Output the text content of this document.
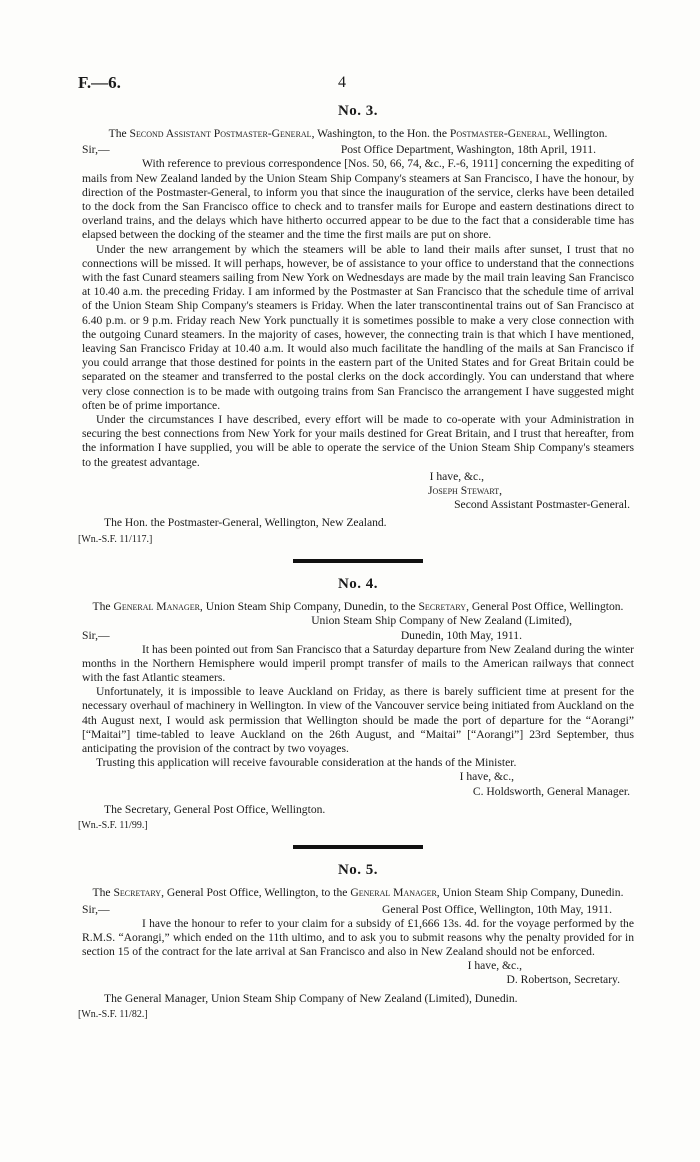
F.—6.	4
No. 3.

The Second Assistant Postmaster-General, Washington, to the Hon. the Postmaster-General, Wellington.

Sir,—	Post Office Department, Washington, 18th April, 1911.

With reference to previous correspondence [Nos. 50, 66, 74, &c., F.-6, 1911] concerning the expediting of mails from New Zealand landed by the Union Steam Ship Company's steamers at San Francisco, I have the honour, by direction of the Postmaster-General, to inform you that since the inauguration of the service, clerks have been detailed to the dock from the San Francisco office to check and to transfer mails for Europe and eastern destinations direct to overland trains, and the delays which have hitherto occurred appear to be due to the fact that a considerable time has elapsed between the docking of the steamer and the time the first mails are put on shore.

Under the new arrangement by which the steamers will be able to land their mails after sunset, I trust that no connections will be missed. It will perhaps, however, be of assistance to your office to understand that the connections with the fast Cunard steamers sailing from New York on Wednesdays are made by the mail train leaving San Francisco at 10.40 a.m. the preceding Friday. I am informed by the Postmaster at San Francisco that the schedule time of arrival of the Union Steam Ship Company's steamers is Friday. When the later transcontinental trains out of San Francisco at 6.40 p.m. or 9 p.m. Friday reach New York punctually it is sometimes possible to make a very close connection with the outgoing Cunard steamers. In the majority of cases, however, the connecting train is that which I have mentioned, leaving San Francisco Friday at 10.40 a.m. It would also much facilitate the handling of the mails at San Francisco if you could arrange that those destined for points in the eastern part of the United States and for Great Britain could be separated on the steamer and transferred to the postal clerks on the dock accordingly. You can understand that where very close connection is to be made with outgoing trains from San Francisco the arrangement I have suggested might often be of prime importance.

Under the circumstances I have described, every effort will be made to co-operate with your Administration in securing the best connections from New York for your mails destined for Great Britain, and I trust that hereafter, from the information I have supplied, you will be able to operate the service of the Union Steam Ship Company's steamers to the greatest advantage.

I have, &c.,
Joseph Stewart,
Second Assistant Postmaster-General.
The Hon. the Postmaster-General, Wellington, New Zealand.
[Wn.-S.F. 11/117.]
No. 4.

The General Manager, Union Steam Ship Company, Dunedin, to the Secretary, General Post Office, Wellington.

Union Steam Ship Company of New Zealand (Limited),
Sir,—	Dunedin, 10th May, 1911.

It has been pointed out from San Francisco that a Saturday departure from New Zealand during the winter months in the Northern Hemisphere would imperil prompt transfer of mails to the American railways that connect with the fast Atlantic steamers.

Unfortunately, it is impossible to leave Auckland on Friday, as there is barely sufficient time at present for the necessary overhaul of machinery in Wellington. In view of the Vancouver service being initiated from Auckland on the 4th August next, I would ask permission that Wellington should be made the port of departure for the “Aorangi” [“Maitai”] time-tabled to leave Auckland on the 26th August, and “Maitai” [“Aorangi”] 23rd September, thus anticipating the provision of the contract by two voyages.

Trusting this application will receive favourable consideration at the hands of the Minister.

I have, &c.,
C. Holdsworth, General Manager.
The Secretary, General Post Office, Wellington.
[Wn.-S.F. 11/99.]
No. 5.

The Secretary, General Post Office, Wellington, to the General Manager, Union Steam Ship Company, Dunedin.

Sir,—	General Post Office, Wellington, 10th May, 1911.

I have the honour to refer to your claim for a subsidy of £1,666 13s. 4d. for the voyage performed by the R.M.S. “Aorangi,” which ended on the 11th ultimo, and to ask you to submit reasons why the penalty provided for in section 15 of the contract for the late arrival at San Francisco and also in New Zealand should not be enforced.

I have, &c.,
D. Robertson, Secretary.
The General Manager, Union Steam Ship Company of New Zealand (Limited), Dunedin.
[Wn.-S.F. 11/82.]
